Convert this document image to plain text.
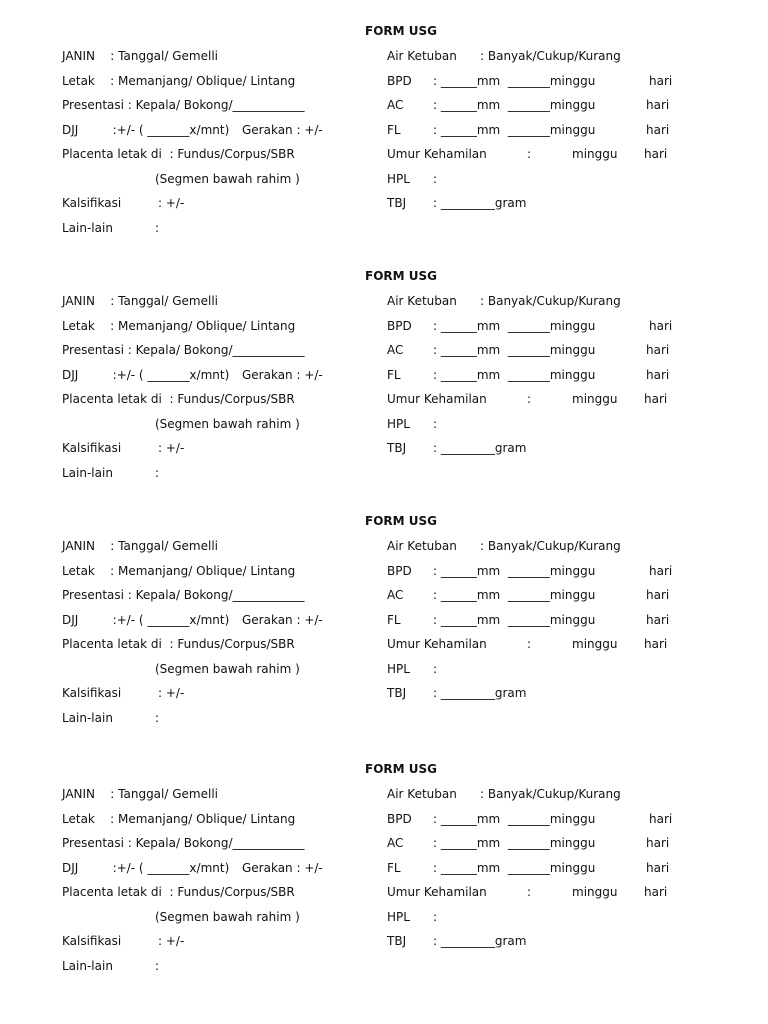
FORM USG
JANIN    : Tanggal/ Gemelli
Letak    : Memanjang/ Oblique/ Lintang
Presentasi : Kepala/ Bokong/____________
DJJ         :+/- ( _______x/mnt) Gerakan : +/-
Placenta letak di  : Fundus/Corpus/SBR
(Segmen bawah rahim )
Kalsifikasi	: +/-
Lain-lain	:
Air Ketuban : Banyak/Cukup/Kurang
BPD : ______mm  _______minggu	hari
AC : ______mm  _______minggu	hari
FL	: ______mm  _______minggu	hari
Umur Kehamilan	:	minggu hari
HPL :
TBJ : _________gram
FORM USG
JANIN    : Tanggal/ Gemelli
Letak    : Memanjang/ Oblique/ Lintang
Presentasi : Kepala/ Bokong/____________
DJJ         :+/- ( _______x/mnt) Gerakan : +/-
Placenta letak di  : Fundus/Corpus/SBR
(Segmen bawah rahim )
Kalsifikasi	: +/-
Lain-lain	:
Air Ketuban : Banyak/Cukup/Kurang
BPD : ______mm  _______minggu	hari
AC : ______mm  _______minggu	hari
FL	: ______mm  _______minggu	hari
Umur Kehamilan	:	minggu hari
HPL :
TBJ : _________gram
FORM USG
JANIN    : Tanggal/ Gemelli
Letak    : Memanjang/ Oblique/ Lintang
Presentasi : Kepala/ Bokong/____________
DJJ         :+/- ( _______x/mnt) Gerakan : +/-
Placenta letak di  : Fundus/Corpus/SBR
(Segmen bawah rahim )
Kalsifikasi	: +/-
Lain-lain	:
Air Ketuban : Banyak/Cukup/Kurang
BPD : ______mm  _______minggu	hari
AC : ______mm  _______minggu	hari
FL	: ______mm  _______minggu	hari
Umur Kehamilan	:	minggu hari
HPL :
TBJ : _________gram
FORM USG
JANIN    : Tanggal/ Gemelli
Letak    : Memanjang/ Oblique/ Lintang
Presentasi : Kepala/ Bokong/____________
DJJ         :+/- ( _______x/mnt) Gerakan : +/-
Placenta letak di  : Fundus/Corpus/SBR
(Segmen bawah rahim )
Kalsifikasi	: +/-
Lain-lain	:
Air Ketuban : Banyak/Cukup/Kurang
BPD : ______mm  _______minggu	hari
AC : ______mm  _______minggu	hari
FL	: ______mm  _______minggu	hari
Umur Kehamilan	:	minggu hari
HPL :
TBJ : _________gram
